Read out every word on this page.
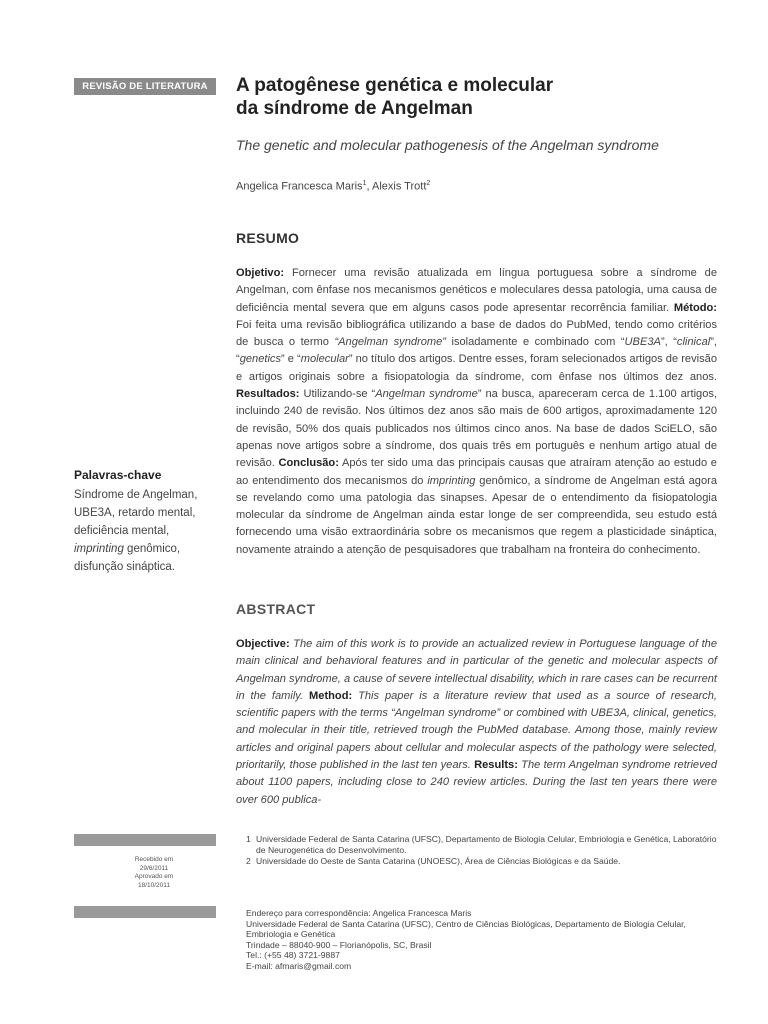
REVISÃO DE LITERATURA	A patogênese genética e molecular
da síndrome de Angelman
The genetic and molecular pathogenesis of the Angelman syndrome
Angelica Francesca Maris$^1$, Alexis Trott$^2$
RESUMO
Objetivo: Fornecer uma revisão atualizada em língua portuguesa sobre a síndrome de Angelman, com ênfase nos mecanismos genéticos e moleculares dessa patologia, uma causa de deficiência mental severa que em alguns casos pode apresentar recorrência familiar. Método: Foi feita uma revisão bibliográfica utilizando a base de dados do PubMed, tendo como critérios de busca o termo “Angelman syndrome” isoladamente e combinado com “UBE3A”, “clinical”, “genetics” e “molecular” no título dos artigos. Dentre esses, foram selecionados artigos de revisão e artigos originais sobre a fisiopatologia da síndrome, com ênfase nos últimos dez anos. Resultados: Utilizando-se “Angelman syndrome” na busca, apareceram cerca de 1.100 artigos, incluindo 240 de revisão. Nos últimos dez anos são mais de 600 artigos, aproximadamente 120 de revisão, 50% dos quais publicados nos últimos cinco anos. Na base de dados SciELO, são apenas nove artigos sobre a síndrome, dos quais três em português e nenhum artigo atual de revisão. Conclusão: Após ter sido uma das principais causas que atraíram atenção ao estudo e ao entendimento dos mecanismos do imprinting genômico, a síndrome de Angelman está agora se revelando como uma patologia das sinapses. Apesar de o entendimento da fisiopatologia molecular da síndrome de Angelman ainda estar longe de ser compreendida, seu estudo está fornecendo uma visão extraordinária sobre os mecanismos que regem a plasticidade sináptica, novamente atraindo a atenção de pesquisadores que trabalham na fronteira do conhecimento.
Palavras-chave
Síndrome de Angelman, UBE3A, retardo mental, deficiência mental, imprinting genômico, disfunção sináptica.
ABSTRACT
Objective: The aim of this work is to provide an actualized review in Portuguese language of the main clinical and behavioral features and in particular of the genetic and molecular aspects of Angelman syndrome, a cause of severe intellectual disability, which in rare cases can be recurrent in the family. Method: This paper is a literature review that used as a source of research, scientific papers with the terms “Angelman syndrome” or combined with UBE3A, clinical, genetics, and molecular in their title, retrieved trough the PubMed database. Among those, mainly review articles and original papers about cellular and molecular aspects of the pathology were selected, prioritarily, those published in the last ten years. Results: The term Angelman syndrome retrieved about 1100 papers, including close to 240 review articles. During the last ten years there were over 600 publica-
Recebido em
29/6/2011
Aprovado em
18/10/2011
1 Universidade Federal de Santa Catarina (UFSC), Departamento de Biologia Celular, Embriologia e Genética, Laboratório de Neurogenética do Desenvolvimento.
2 Universidade do Oeste de Santa Catarina (UNOESC), Área de Ciências Biológicas e da Saúde.
Endereço para correspondência: Angelica Francesca Maris
Universidade Federal de Santa Catarina (UFSC), Centro de Ciências Biológicas, Departamento de Biologia Celular, Embriologia e Genética
Trindade – 88040-900 – Florianópolis, SC, Brasil
Tel.: (+55 48) 3721-9887
E-mail: afmaris@gmail.com
